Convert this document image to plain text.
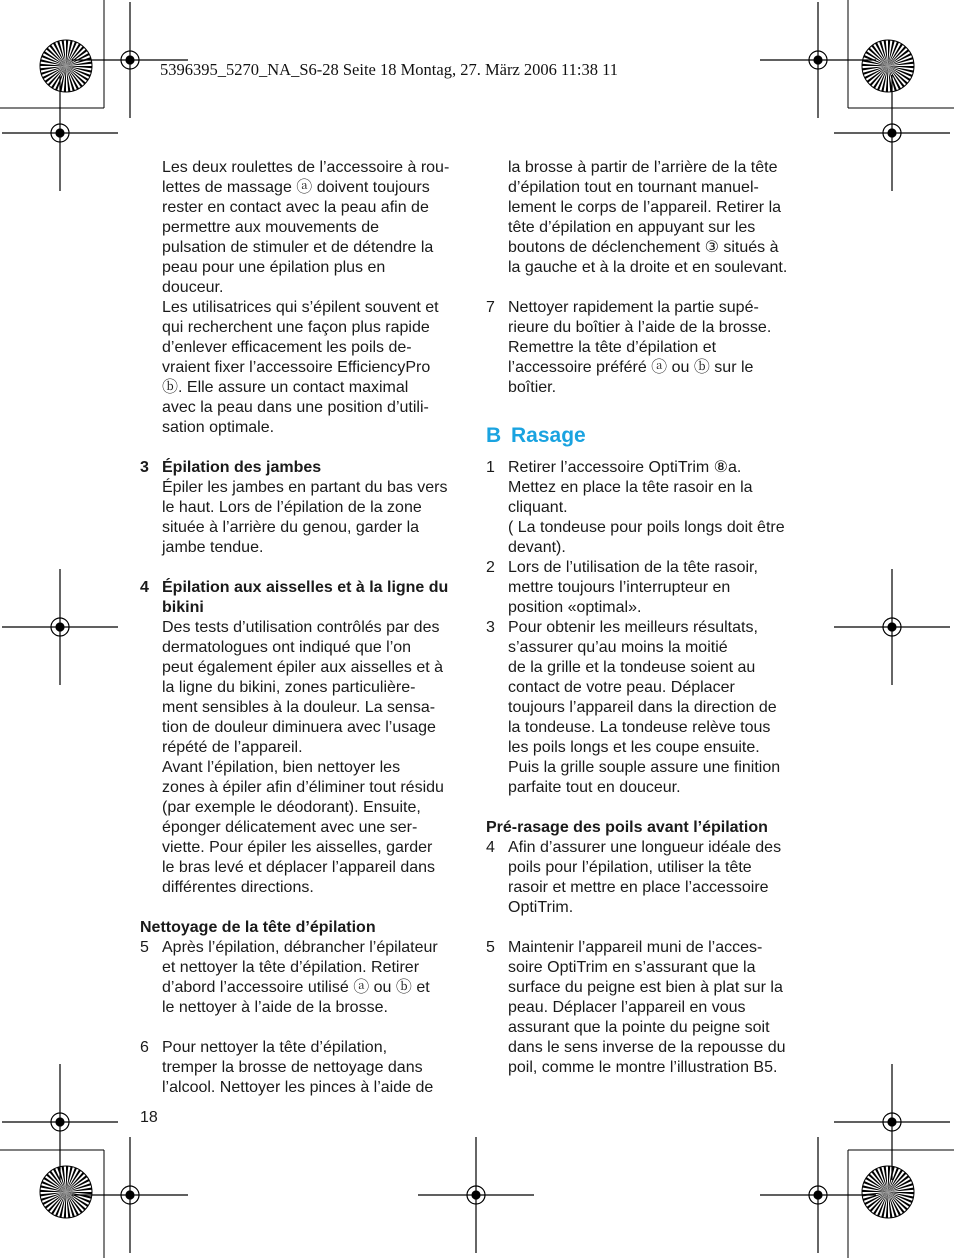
5396395_5270_NA_S6-28 Seite 18 Montag, 27. März 2006 11:38 11
Les deux roulettes de l’accessoire à rou-
lettes de massage ⓐ doivent toujours
rester en contact avec la peau afin de
permettre aux mouvements de
pulsation de stimuler et de détendre la
peau pour une épilation plus en
douceur.
Les utilisatrices qui s’épilent souvent et
qui recherchent une façon plus rapide
d’enlever efficacement les poils de-
vraient fixer l’accessoire EfficiencyPro
ⓑ. Elle assure un contact maximal
avec la peau dans une position d’utili-
sation optimale.
3 Épilation des jambes
Épiler les jambes en partant du bas vers
le haut. Lors de l’épilation de la zone
située à l’arrière du genou, garder la
jambe tendue.
4 Épilation aux aisselles et à la ligne du
bikini
Des tests d’utilisation contrôlés par des
dermatologues ont indiqué que l’on
peut également épiler aux aisselles et à
la ligne du bikini, zones particulière-
ment sensibles à la douleur. La sensa-
tion de douleur diminuera avec l’usage
répété de l’appareil.
Avant l’épilation, bien nettoyer les
zones à épiler afin d’éliminer tout résidu
(par exemple le déodorant). Ensuite,
éponger délicatement avec une ser-
viette. Pour épiler les aisselles, garder
le bras levé et déplacer l’appareil dans
différentes directions.
Nettoyage de la tête d’épilation
5 Après l’épilation, débrancher l’épilateur
et nettoyer la tête d’épilation. Retirer
d’abord l’accessoire utilisé ⓐ ou ⓑ et
le nettoyer à l’aide de la brosse.
6 Pour nettoyer la tête d’épilation,
tremper la brosse de nettoyage dans
l’alcool. Nettoyer les pinces à l’aide de
la brosse à partir de l’arrière de la tête
d’épilation tout en tournant manuel-
lement le corps de l’appareil. Retirer la
tête d’épilation en appuyant sur les
boutons de déclenchement ③ situés à
la gauche et à la droite et en soulevant.
7 Nettoyer rapidement la partie supé-
rieure du boîtier à l’aide de la brosse.
Remettre la tête d’épilation et
l’accessoire préféré ⓐ ou ⓑ sur le
boîtier.
B Rasage
1 Retirer l’accessoire OptiTrim ⑧a.
Mettez en place la tête rasoir en la
cliquant.
( La tondeuse pour poils longs doit être
devant).
2 Lors de l’utilisation de la tête rasoir,
mettre toujours l’interrupteur en
position «optimal».
3 Pour obtenir les meilleurs résultats,
s’assurer qu’au moins la moitié
de la grille et la tondeuse soient au
contact de votre peau. Déplacer
toujours l’appareil dans la direction de
la tondeuse. La tondeuse relève tous
les poils longs et les coupe ensuite.
Puis la grille souple assure une finition
parfaite tout en douceur.
Pré-rasage des poils avant l’épilation
4 Afin d’assurer une longueur idéale des
poils pour l’épilation, utiliser la tête
rasoir et mettre en place l’accessoire
OptiTrim.
5 Maintenir l’appareil muni de l’acces-
soire OptiTrim en s’assurant que la
surface du peigne est bien à plat sur la
peau. Déplacer l’appareil en vous
assurant que la pointe du peigne soit
dans le sens inverse de la repousse du
poil, comme le montre l’illustration B5.
18
